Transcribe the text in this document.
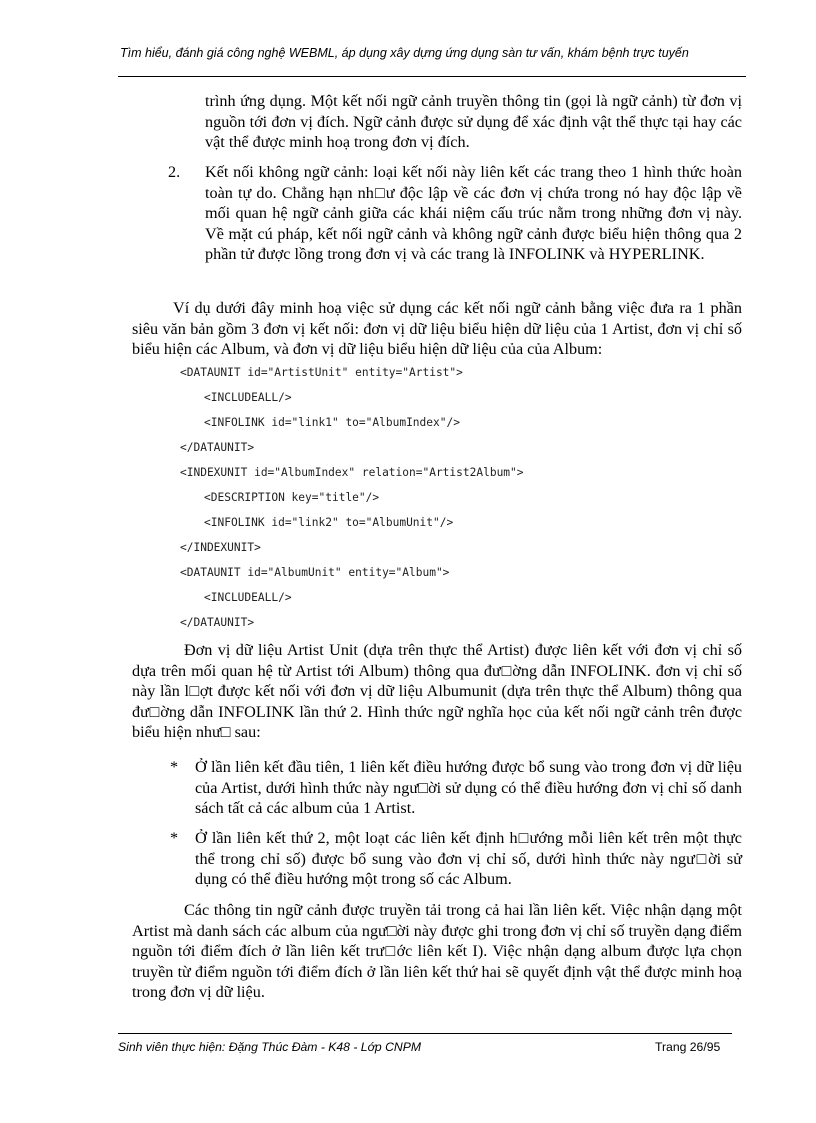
Tìm hiểu, đánh giá công nghệ WEBML, áp dụng xây dựng ứng dụng sàn tư vấn, khám bệnh trực tuyến
trình ứng dụng. Một kết nối ngữ cảnh truyền thông tin (gọi là ngữ cảnh) từ đơn vị nguồn tới đơn vị đích. Ngữ cảnh được sử dụng để xác định vật thể thực tại hay các vật thể được minh hoạ trong đơn vị đích.
2. Kết nối không ngữ cảnh: loại kết nối này liên kết các trang theo 1 hình thức hoàn toàn tự do. Chẳng hạn nh□ư độc lập về các đơn vị chứa trong nó hay độc lập về mối quan hệ ngữ cảnh giữa các khái niệm cấu trúc nằm trong những đơn vị này. Về mặt cú pháp, kết nối ngữ cảnh và không ngữ cảnh được biểu hiện thông qua 2 phần tử được lồng trong đơn vị và các trang là INFOLINK và HYPERLINK.
Ví dụ dưới đây minh hoạ việc sử dụng các kết nối ngữ cảnh bằng việc đưa ra 1 phần siêu văn bản gồm 3 đơn vị kết nối: đơn vị dữ liệu biểu hiện dữ liệu của 1 Artist, đơn vị chỉ số biểu hiện các Album, và đơn vị dữ liệu biểu hiện dữ liệu của của Album:
<DATAUNIT id="ArtistUnit" entity="Artist">
<INCLUDEALL/>
<INFOLINK id="link1" to="AlbumIndex"/>
</DATAUNIT>
<INDEXUNIT id="AlbumIndex" relation="Artist2Album">
<DESCRIPTION key="title"/>
<INFOLINK id="link2" to="AlbumUnit"/>
</INDEXUNIT>
<DATAUNIT id="AlbumUnit" entity="Album">
<INCLUDEALL/>
</DATAUNIT>
Đơn vị dữ liệu Artist Unit (dựa trên thực thể Artist) được liên kết với đơn vị chỉ số dựa trên mối quan hệ từ Artist tới Album) thông qua đư□ờng dẫn INFOLINK. đơn vị chỉ số này lần l□ợt được kết nối với đơn vị dữ liệu Albumunit (dựa trên thực thể Album) thông qua đư□ờng dẫn INFOLINK lần thứ 2. Hình thức ngữ nghĩa học của kết nối ngữ cảnh trên được biểu hiện như□ sau:
* Ở lần liên kết đầu tiên, 1 liên kết điều hướng được bổ sung vào trong đơn vị dữ liệu của Artist, dưới hình thức này ngư□ời sử dụng có thể điều hướng đơn vị chỉ số danh sách tất cả các album của 1 Artist.
* Ở lần liên kết thứ 2, một loạt các liên kết định h□ướng mỗi liên kết trên một thực thể trong chỉ số) được bổ sung vào đơn vị chỉ số, dưới hình thức này ngư□ời sử dụng có thể điều hướng một trong số các Album.
Các thông tin ngữ cảnh được truyền tải trong cả hai lần liên kết. Việc nhận dạng một Artist mà danh sách các album của ngư□ời này được ghi trong đơn vị chỉ số truyền dạng điểm nguồn tới điểm đích ở lần liên kết trư□ớc liên kết I). Việc nhận dạng album được lựa chọn truyền từ điểm nguồn tới điểm đích ở lần liên kết thứ hai sẽ quyết định vật thể được minh hoạ trong đơn vị dữ liệu.
Sinh viên thực hiện: Đặng Thúc Đàm - K48 - Lớp CNPM	Trang 26/95
